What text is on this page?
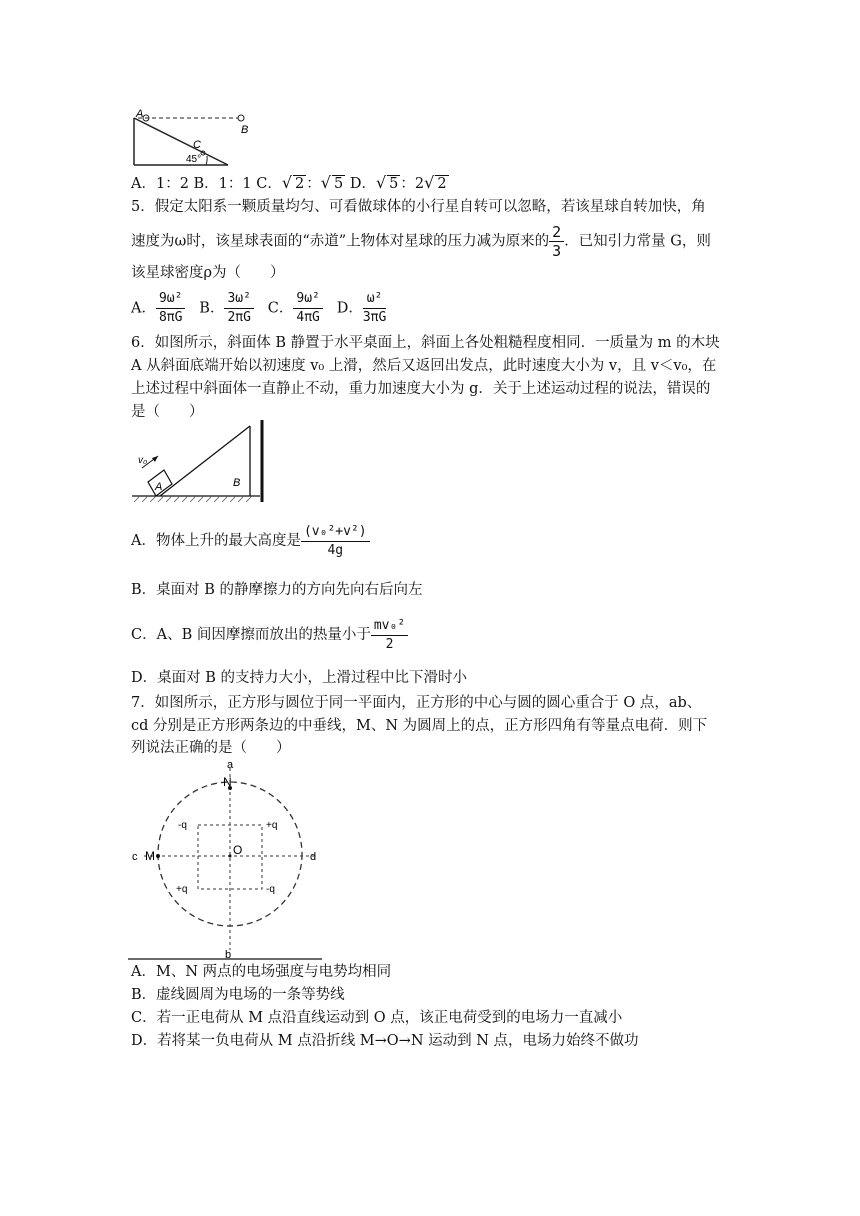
A
B
C
45°
A．1：2 B．1：1 C．√ 2 ：√ 5 D．√ 5 ：2√ 2
5．假定太阳系一颗质量均匀、可看做球体的小行星自转可以忽略，若该星球自转加快，角
速度为ω时，该星球表面的“赤道”上物体对星球的压力减为原来的 $\frac{2}{3}$ ．已知引力常量 G，则
该星球密度ρ为（　　）
A． $\frac{\text{9ω²}}{8\pi G}$ B． $\frac{\text{3ω²}}{2\pi G}$ C． $\frac{\text{9ω²}}{4\pi G}$ D． $\frac{\text{ω²}}{3\pi G}$
6．如图所示，斜面体 B 静置于水平桌面上，斜面上各处粗糙程度相同．一质量为 m 的木块
A 从斜面底端开始以初速度 v₀ 上滑，然后又返回出发点，此时速度大小为 v，且 v＜v₀，在
上述过程中斜面体一直静止不动，重力加速度大小为 g．关于上述运动过程的说法，错误的
是（　　）
v₀
A	B
A．物体上升的最大高度是 $\frac{\text{(v₀²+v²)}}{4g}$
B．桌面对 B 的静摩擦力的方向先向右后向左
C．A、B 间因摩擦而放出的热量小于 $\frac{\text{mv₀²}}{2}$
D．桌面对 B 的支持力大小，上滑过程中比下滑时小
7．如图所示，正方形与圆位于同一平面内，正方形的中心与圆的圆心重合于 O 点，ab、
cd 分别是正方形两条边的中垂线，M、N 为圆周上的点，正方形四角有等量点电荷．则下
列说法正确的是（　　）
a
b
c	d
N
M	O
-q	+q
+q	-q
A．M、N 两点的电场强度与电势均相同
B．虚线圆周为电场的一条等势线
C．若一正电荷从 M 点沿直线运动到 O 点，该正电荷受到的电场力一直减小
D．若将某一负电荷从 M 点沿折线 M→O→N 运动到 N 点，电场力始终不做功
